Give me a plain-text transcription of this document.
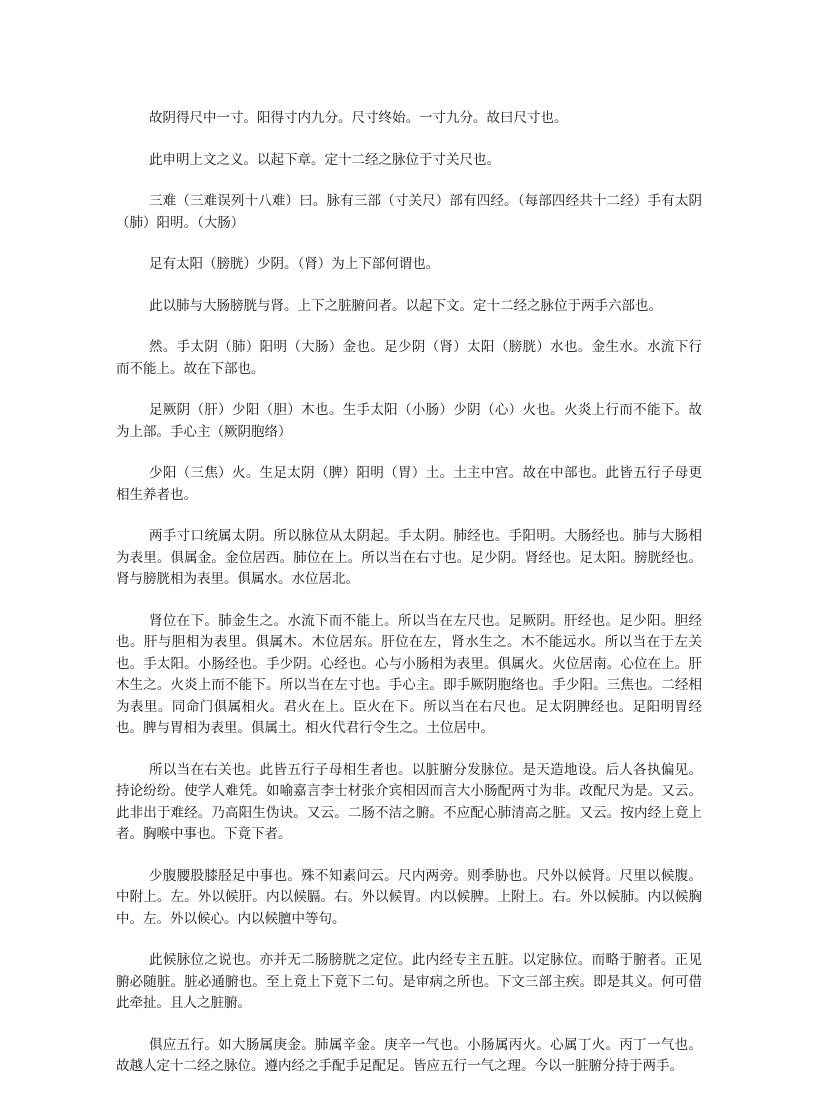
故阴得尺中一寸。阳得寸内九分。尺寸终始。一寸九分。故曰尺寸也。

此申明上文之义。以起下章。定十二经之脉位于寸关尺也。

三难（三难误列十八难）曰。脉有三部（寸关尺）部有四经。（每部四经共十二经）手有太阴（肺）阳明。（大肠）

足有太阳（膀胱）少阴。（肾）为上下部何谓也。

此以肺与大肠膀胱与肾。上下之脏腑问者。以起下文。定十二经之脉位于两手六部也。

然。手太阴（肺）阳明（大肠）金也。足少阴（肾）太阳（膀胱）水也。金生水。水流下行而不能上。故在下部也。

足厥阴（肝）少阳（胆）木也。生手太阳（小肠）少阴（心）火也。火炎上行而不能下。故为上部。手心主（厥阴胞络）

少阳（三焦）火。生足太阴（脾）阳明（胃）土。土主中宫。故在中部也。此皆五行子母更相生养者也。

两手寸口统属太阴。所以脉位从太阴起。手太阴。肺经也。手阳明。大肠经也。肺与大肠相为表里。俱属金。金位居西。肺位在上。所以当在右寸也。足少阴。肾经也。足太阳。膀胱经也。肾与膀胱相为表里。俱属水。水位居北。

肾位在下。肺金生之。水流下而不能上。所以当在左尺也。足厥阴。肝经也。足少阳。胆经也。肝与胆相为表里。俱属木。木位居东。肝位在左，肾水生之。木不能远水。所以当在于左关也。手太阳。小肠经也。手少阴。心经也。心与小肠相为表里。俱属火。火位居南。心位在上。肝木生之。火炎上而不能下。所以当在左寸也。手心主。即手厥阴胞络也。手少阳。三焦也。二经相为表里。同命门俱属相火。君火在上。臣火在下。所以当在右尺也。足太阴脾经也。足阳明胃经也。脾与胃相为表里。俱属土。相火代君行令生之。土位居中。

所以当在右关也。此皆五行子母相生者也。以脏腑分发脉位。是天造地设。后人各执偏见。持论纷纷。使学人难凭。如喻嘉言李士材张介宾相因而言大小肠配两寸为非。改配尺为是。又云。此非出于难经。乃高阳生伪诀。又云。二肠不洁之腑。不应配心肺清高之脏。又云。按内经上竟上者。胸喉中事也。下竟下者。

少腹腰股膝胫足中事也。殊不知素问云。尺内两旁。则季胁也。尺外以候肾。尺里以候腹。中附上。左。外以候肝。内以候膈。右。外以候胃。内以候脾。上附上。右。外以候肺。内以候胸中。左。外以候心。内以候膻中等句。

此候脉位之说也。亦并无二肠膀胱之定位。此内经专主五脏。以定脉位。而略于腑者。正见腑必随脏。脏必通腑也。至上竟上下竟下二句。是审病之所也。下文三部主疾。即是其义。何可借此牵扯。且人之脏腑。

俱应五行。如大肠属庚金。肺属辛金。庚辛一气也。小肠属丙火。心属丁火。丙丁一气也。故越人定十二经之脉位。遵内经之手配手足配足。皆应五行一气之理。今以一脏腑分持于两手。
